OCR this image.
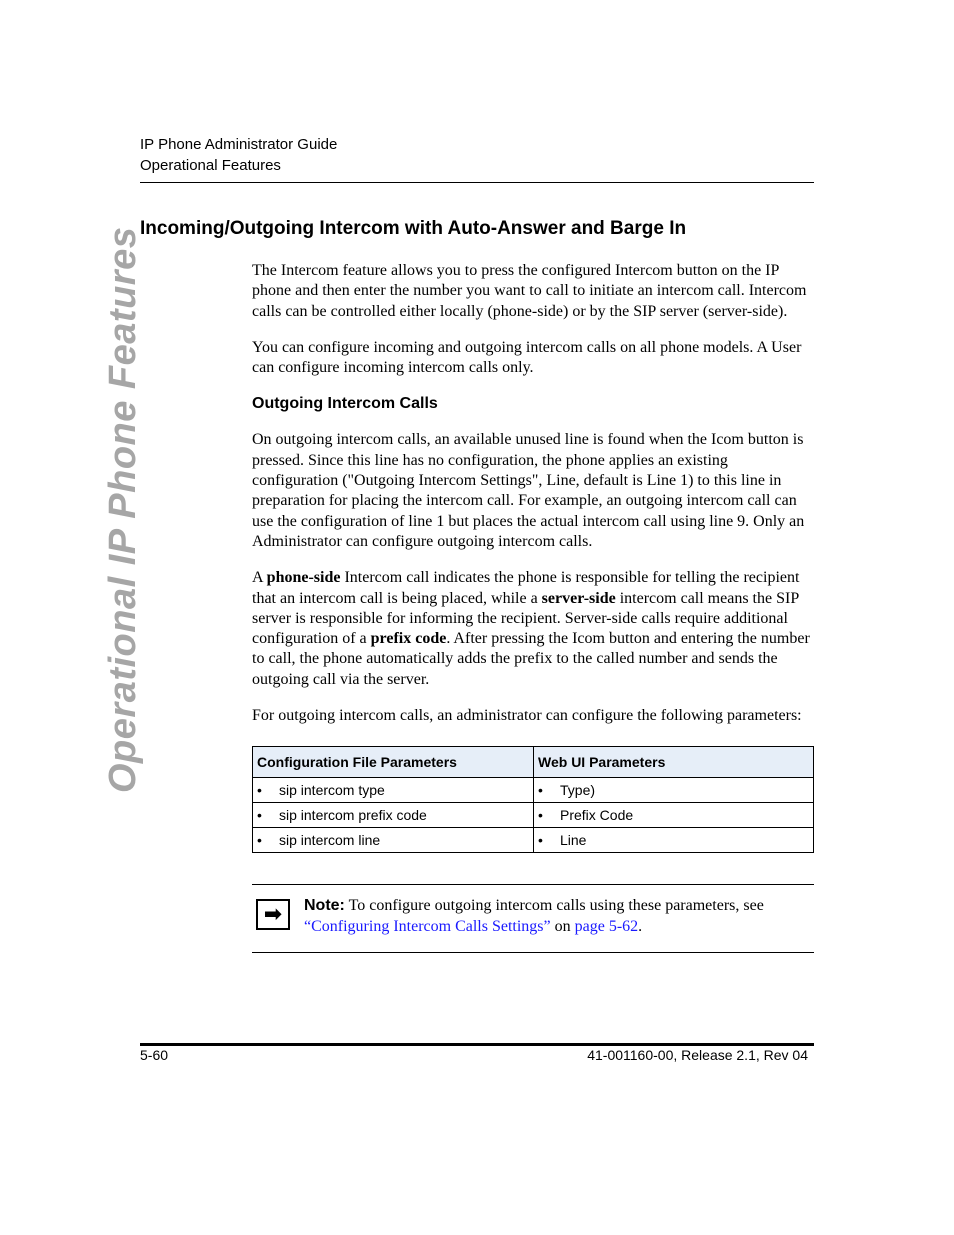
IP Phone Administrator Guide
Operational Features
Operational IP Phone Features
Incoming/Outgoing Intercom with Auto-Answer and Barge In

The Intercom feature allows you to press the configured Intercom button on the IP phone and then enter the number you want to call to initiate an intercom call. Intercom calls can be controlled either locally (phone-side) or by the SIP server (server-side).

You can configure incoming and outgoing intercom calls on all phone models. A User can configure incoming intercom calls only.

Outgoing Intercom Calls

On outgoing intercom calls, an available unused line is found when the Icom button is pressed. Since this line has no configuration, the phone applies an existing configuration ("Outgoing Intercom Settings", Line, default is Line 1) to this line in preparation for placing the intercom call. For example, an outgoing intercom call can use the configuration of line 1 but places the actual intercom call using line 9. Only an Administrator can configure outgoing intercom calls.

A phone-side Intercom call indicates the phone is responsible for telling the recipient that an intercom call is being placed, while a server-side intercom call means the SIP server is responsible for informing the recipient. Server-side calls require additional configuration of a prefix code. After pressing the Icom button and entering the number to call, the phone automatically adds the prefix to the called number and sends the outgoing call via the server.

For outgoing intercom calls, an administrator can configure the following parameters:

Configuration File Parameters	Web UI Parameters
• sip intercom type	• Type)
• sip intercom prefix code	• Prefix Code
• sip intercom line	• Line
➡	Note: To configure outgoing intercom calls using these parameters, see “Configuring Intercom Calls Settings” on page 5-62.
5-60	41-001160-00, Release 2.1, Rev 04
